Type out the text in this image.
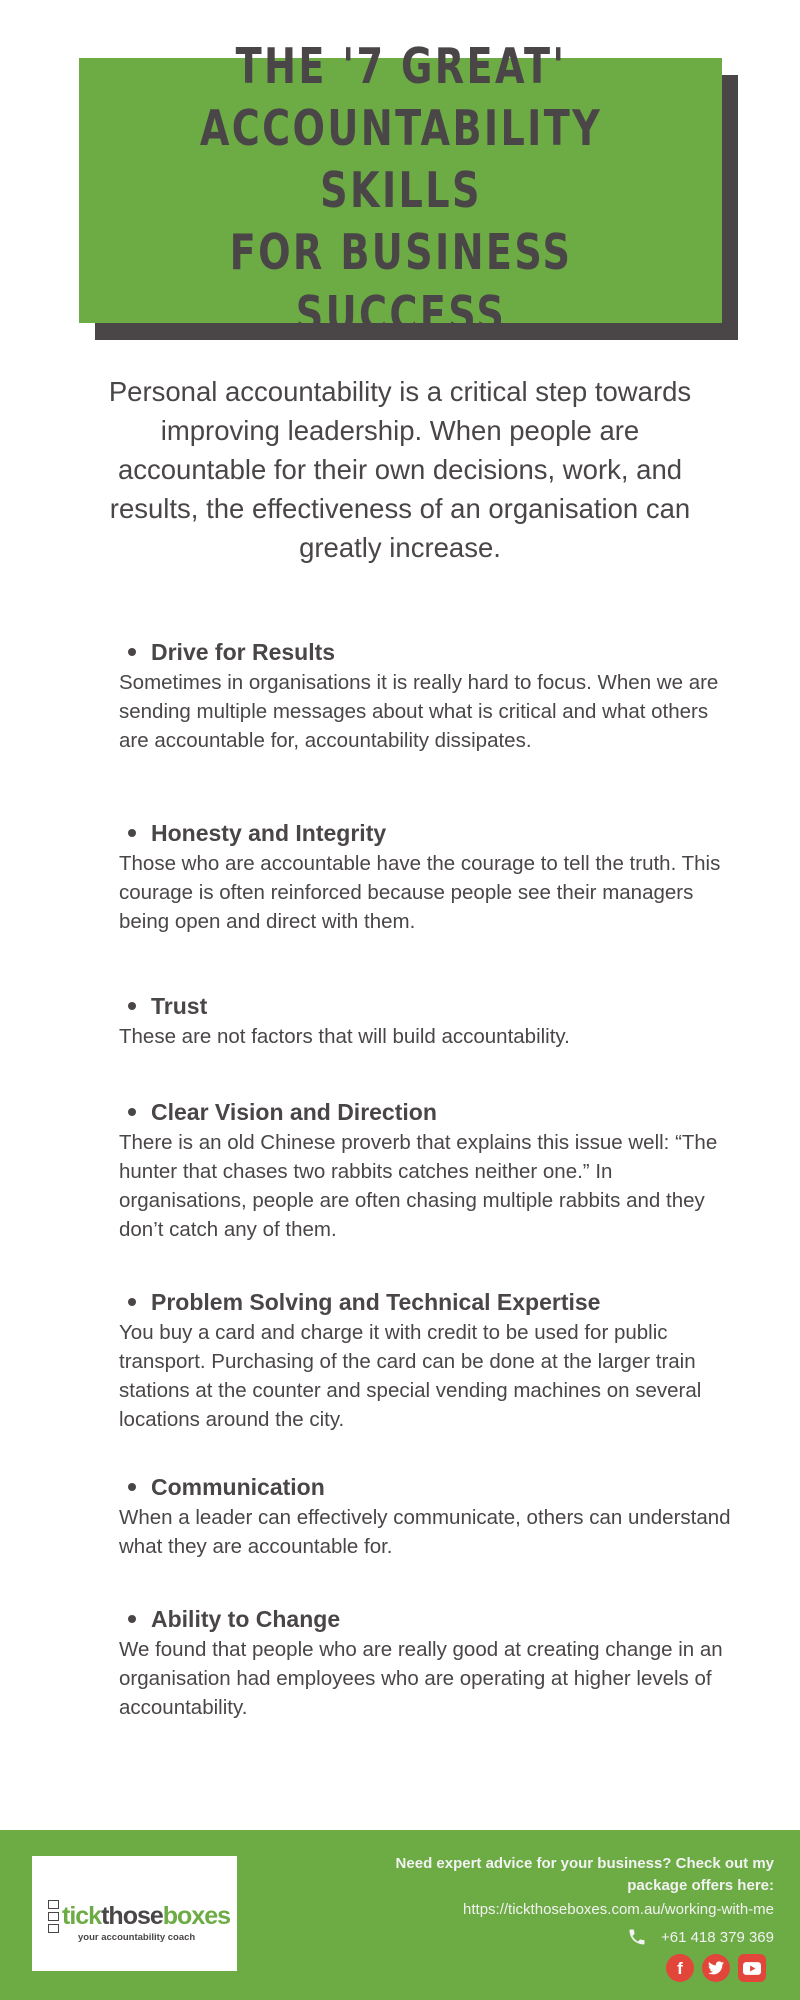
THE '7 GREAT'
ACCOUNTABILITY SKILLS
FOR BUSINESS SUCCESS

Personal accountability is a critical step towards improving leadership. When people are accountable for their own decisions, work, and results, the effectiveness of an organisation can greatly increase.

Drive for Results

Sometimes in organisations it is really hard to focus. When we are sending multiple messages about what is critical and what others are accountable for, accountability dissipates.

Honesty and Integrity

Those who are accountable have the courage to tell the truth. This courage is often reinforced because people see their managers being open and direct with them.

Trust

These are not factors that will build accountability.

Clear Vision and Direction

There is an old Chinese proverb that explains this issue well: “The hunter that chases two rabbits catches neither one.” In organisations, people are often chasing multiple rabbits and they don’t catch any of them.

Problem Solving and Technical Expertise

You buy a card and charge it with credit to be used for public transport. Purchasing of the card can be done at the larger train stations at the counter and special vending machines on several locations around the city.

Communication

When a leader can effectively communicate, others can understand what they are accountable for.

Ability to Change

We found that people who are really good at creating change in an organisation had employees who are operating at higher levels of accountability.

tickthoseboxes
your accountability coach

Need expert advice for your business? Check out my package offers here:

https://tickthoseboxes.com.au/working-with-me
+61 418 379 369
f
